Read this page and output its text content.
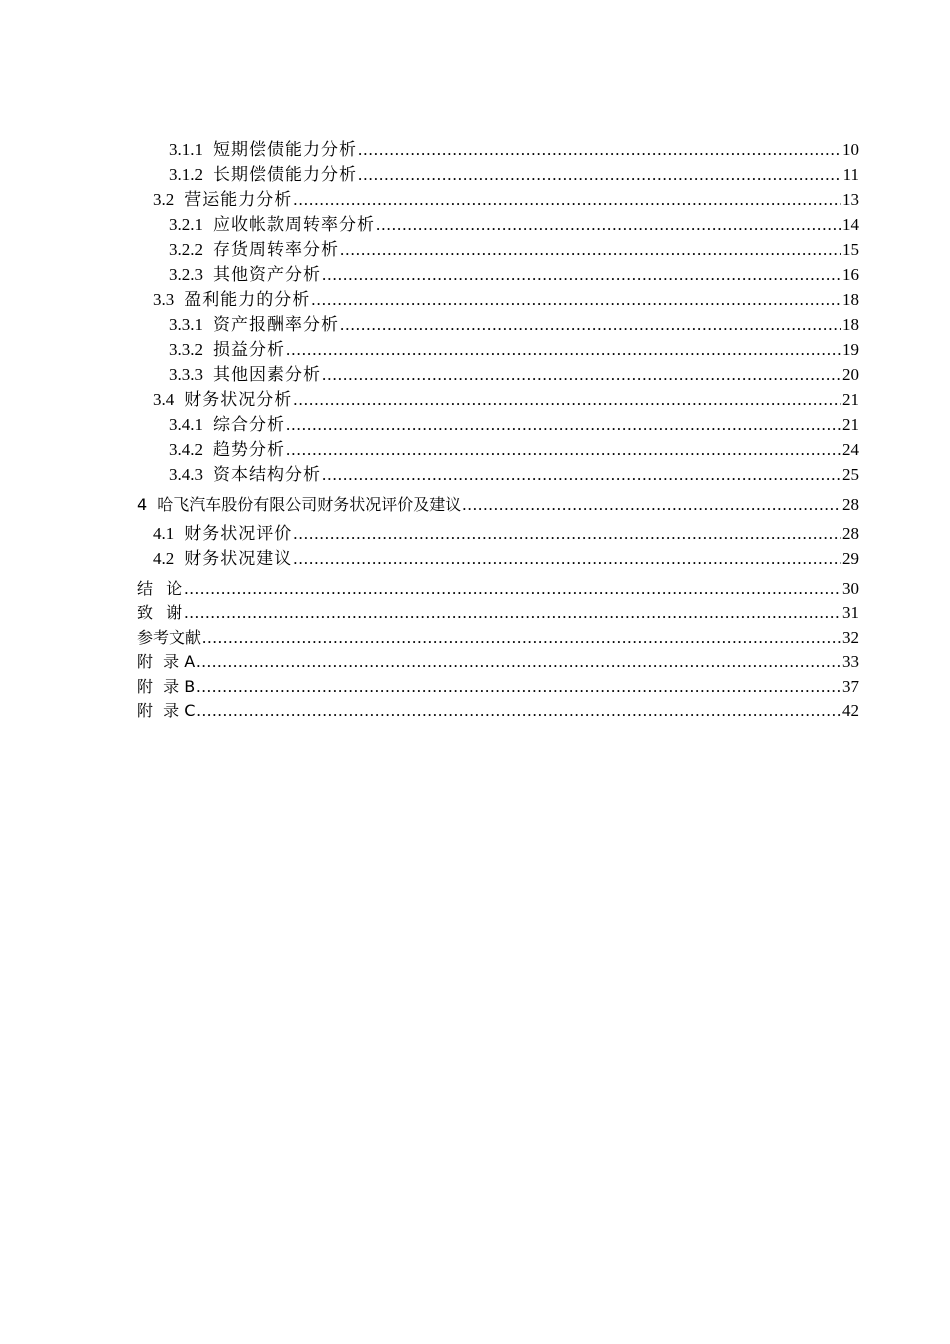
3.1.1 短期偿债能力分析 .....	10
3.1.2 长期偿债能力分析 .....	11
3.2 营运能力分析 .....	13
3.2.1 应收帐款周转率分析 .....	14
3.2.2 存货周转率分析 .....	15
3.2.3 其他资产分析 .....	16
3.3 盈利能力的分析 .....	18
3.3.1 资产报酬率分析 .....	18
3.3.2 损益分析 .....	19
3.3.3 其他因素分析 .....	20
3.4 财务状况分析 .....	21
3.4.1 综合分析 .....	21
3.4.2 趋势分析 .....	24
3.4.3 资本结构分析 .....	25
4 哈飞汽车股份有限公司财务状况评价及建议 .....	28
4.1 财务状况评价 .....	28
4.2 财务状况建议 .....	29
结  论 .....	30
致  谢 .....	31
参考文献 .....	32
附  录 A .....	33
附  录 B .....	37
附  录 C .....	42
